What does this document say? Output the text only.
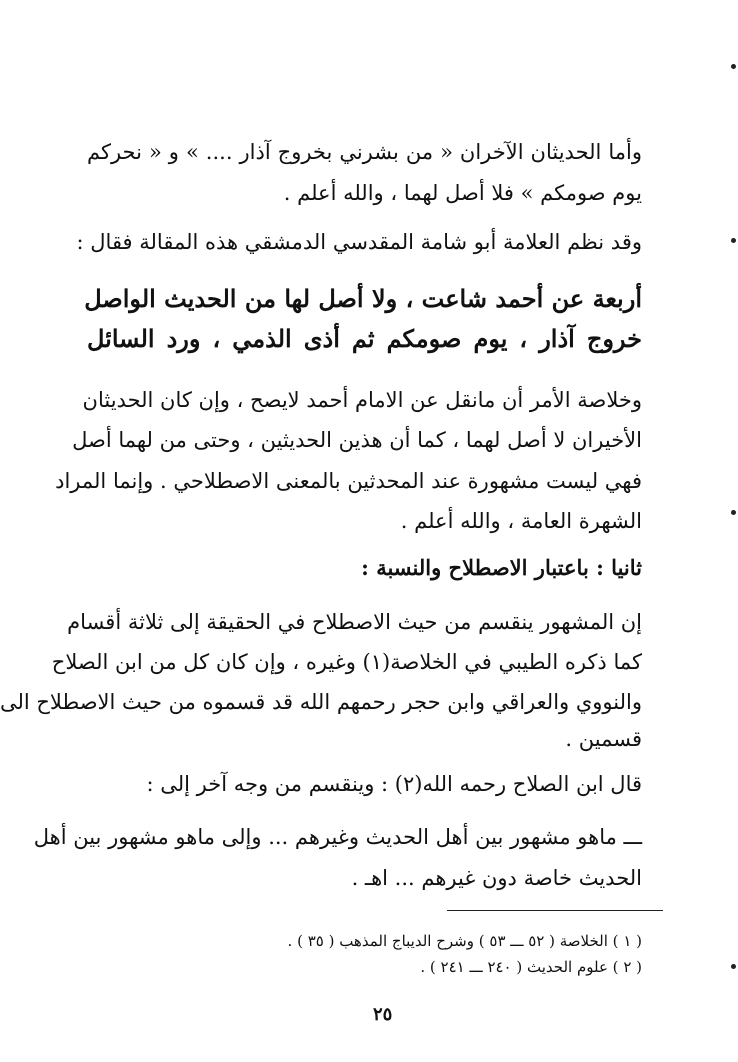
وأما الحديثان الآخران « من بشرني بخروج آذار .... » و « نحركم
يوم صومكم » فلا أصل لهما ، والله أعلم .
وقد نظم العلامة أبو شامة المقدسي الدمشقي هذه المقالة فقال :
أربعة عن أحمد شاعت ، ولا أصل لها من الحديث الواصل
خروج آذار ، يوم صومكم ثم أذى الذمي ، ورد السائل
وخلاصة الأمر أن مانقل عن الامام أحمد لايصح ، وإن كان الحديثان
الأخيران لا أصل لهما ، كما أن هذين الحديثين ، وحتى من لهما أصل
فهي ليست مشهورة عند المحدثين بالمعنى الاصطلاحي . وإنما المراد
الشهرة العامة ، والله أعلم .
ثانيا : باعتبار الاصطلاح والنسبة :
إن المشهور ينقسم من حيث الاصطلاح في الحقيقة إلى ثلاثة أقسام
كما ذكره الطيبي في الخلاصة(١) وغيره ، وإن كان كل من ابن الصلاح
والنووي والعراقي وابن حجر رحمهم الله قد قسموه من حيث الاصطلاح الى
قسمين .
قال ابن الصلاح رحمه الله(٢) : وينقسم من وجه آخر إلى :
ـــ ماهو مشهور بين أهل الحديث وغيرهم ... وإلى ماهو مشهور بين أهل
الحديث خاصة دون غيرهم ... اهـ .
( ١ ) الخلاصة ( ٥٢ ـــ ٥٣ ) وشرح الديباج المذهب ( ٣٥ ) .
( ٢ ) علوم الحديث ( ٢٤٠ ـــ ٢٤١ ) .
٢٥
